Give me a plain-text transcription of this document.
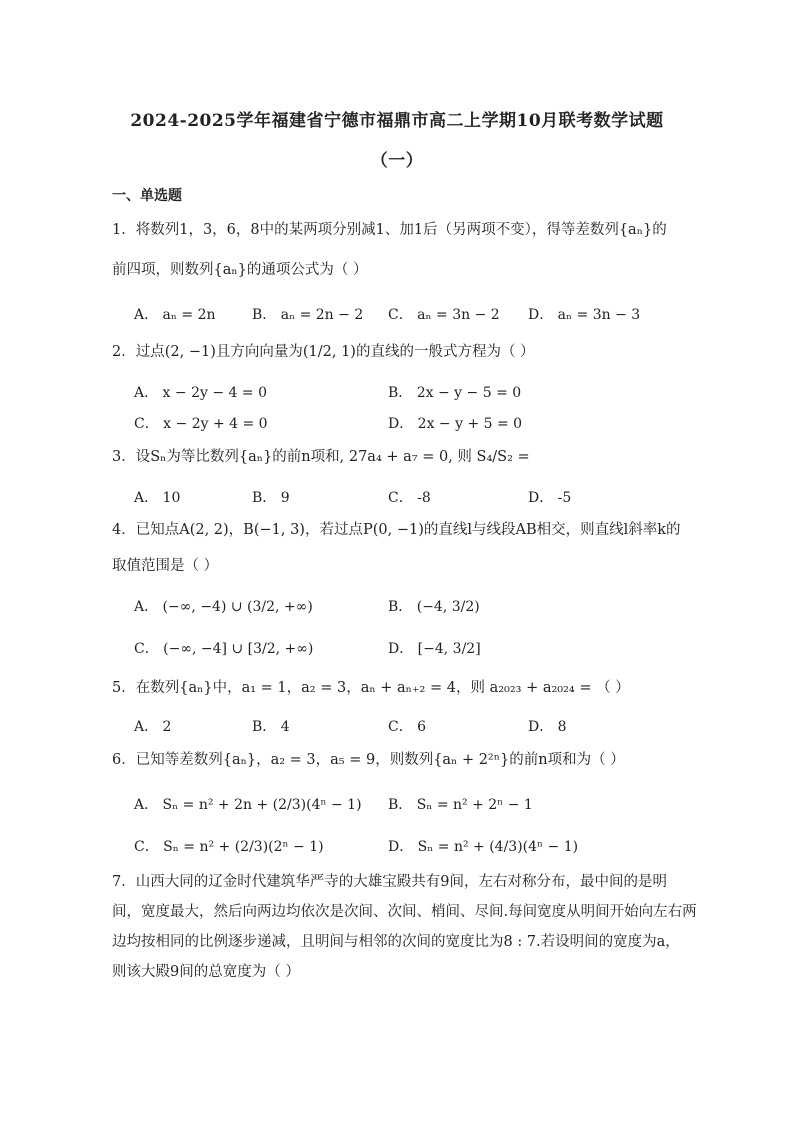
2024-2025学年福建省宁德市福鼎市高二上学期10月联考数学试题
（一）
一、单选题
1．将数列1，3，6，8中的某两项分别减1、加1后（另两项不变），得等差数列{aₙ}的
前四项，则数列{aₙ}的通项公式为（ ）
A． aₙ = 2n	B． aₙ = 2n − 2 C． aₙ = 3n − 2 D． aₙ = 3n − 3
2．过点(2, −1)且方向向量为(1/2, 1)的直线的一般式方程为（ ）
A． x − 2y − 4 = 0	B． 2x − y − 5 = 0
C． x − 2y + 4 = 0	D． 2x − y + 5 = 0
3．设Sₙ为等比数列{aₙ}的前n项和, 27a₄ + a₇ = 0, 则 S₄/S₂ =
A． 10	B． 9	C． -8	D． -5
4．已知点A(2, 2)，B(−1, 3)，若过点P(0, −1)的直线l与线段AB相交，则直线l斜率k的
取值范围是（ ）
A． (−∞, −4) ∪ (3/2, +∞)	B． (−4, 3/2)
C． (−∞, −4] ∪ [3/2, +∞)	D． [−4, 3/2]
5．在数列{aₙ}中，a₁ = 1，a₂ = 3，aₙ + aₙ₊₂ = 4，则 a₂₀₂₃ + a₂₀₂₄ = （ ）
A． 2	B． 4	C． 6	D． 8
6．已知等差数列{aₙ}，a₂ = 3，a₅ = 9，则数列{aₙ + 2²ⁿ}的前n项和为（ ）
A． Sₙ = n² + 2n + (2/3)(4ⁿ − 1) B． Sₙ = n² + 2ⁿ − 1
C． Sₙ = n² + (2/3)(2ⁿ − 1)	D． Sₙ = n² + (4/3)(4ⁿ − 1)
7．山西大同的辽金时代建筑华严寺的大雄宝殿共有9间，左右对称分布，最中间的是明
间，宽度最大，然后向两边均依次是次间、次间、梢间、尽间.每间宽度从明间开始向左右两
边均按相同的比例逐步递减，且明间与相邻的次间的宽度比为8 : 7.若设明间的宽度为a，
则该大殿9间的总宽度为（ ）
